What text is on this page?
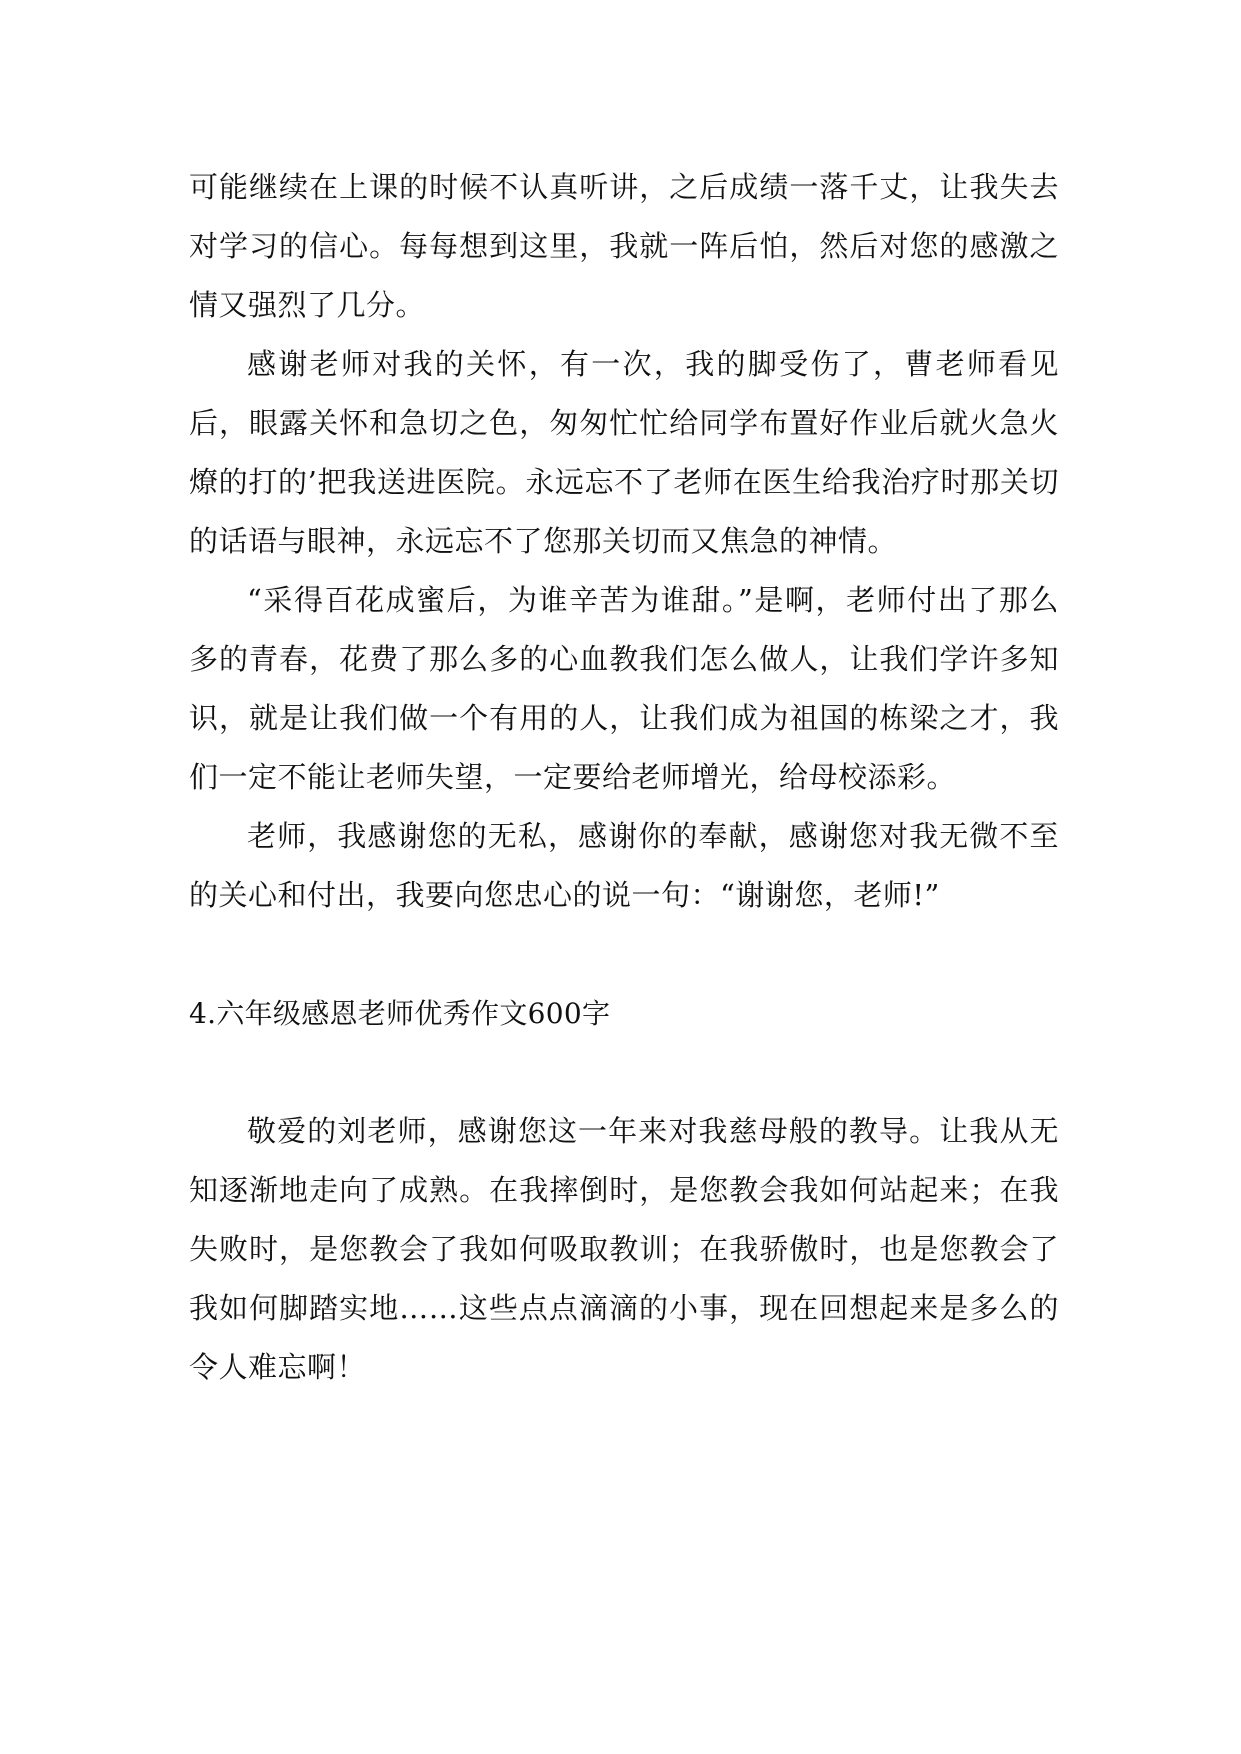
可能继续在上课的时候不认真听讲，之后成绩一落千丈，让我失去对学习的信心。每每想到这里，我就一阵后怕，然后对您的感激之情又强烈了几分。

感谢老师对我的关怀，有一次，我的脚受伤了，曹老师看见后，眼露关怀和急切之色，匆匆忙忙给同学布置好作业后就火急火燎的打的’把我送进医院。永远忘不了老师在医生给我治疗时那关切的话语与眼神，永远忘不了您那关切而又焦急的神情。

“采得百花成蜜后，为谁辛苦为谁甜。”是啊，老师付出了那么多的青春，花费了那么多的心血教我们怎么做人，让我们学许多知识，就是让我们做一个有用的人，让我们成为祖国的栋梁之才，我们一定不能让老师失望，一定要给老师增光，给母校添彩。

老师，我感谢您的无私，感谢你的奉献，感谢您对我无微不至的关心和付出，我要向您忠心的说一句：“谢谢您，老师!”

4.六年级感恩老师优秀作文600字

敬爱的刘老师，感谢您这一年来对我慈母般的教导。让我从无知逐渐地走向了成熟。在我摔倒时，是您教会我如何站起来；在我失败时，是您教会了我如何吸取教训；在我骄傲时，也是您教会了我如何脚踏实地……这些点点滴滴的小事，现在回想起来是多么的令人难忘啊！
